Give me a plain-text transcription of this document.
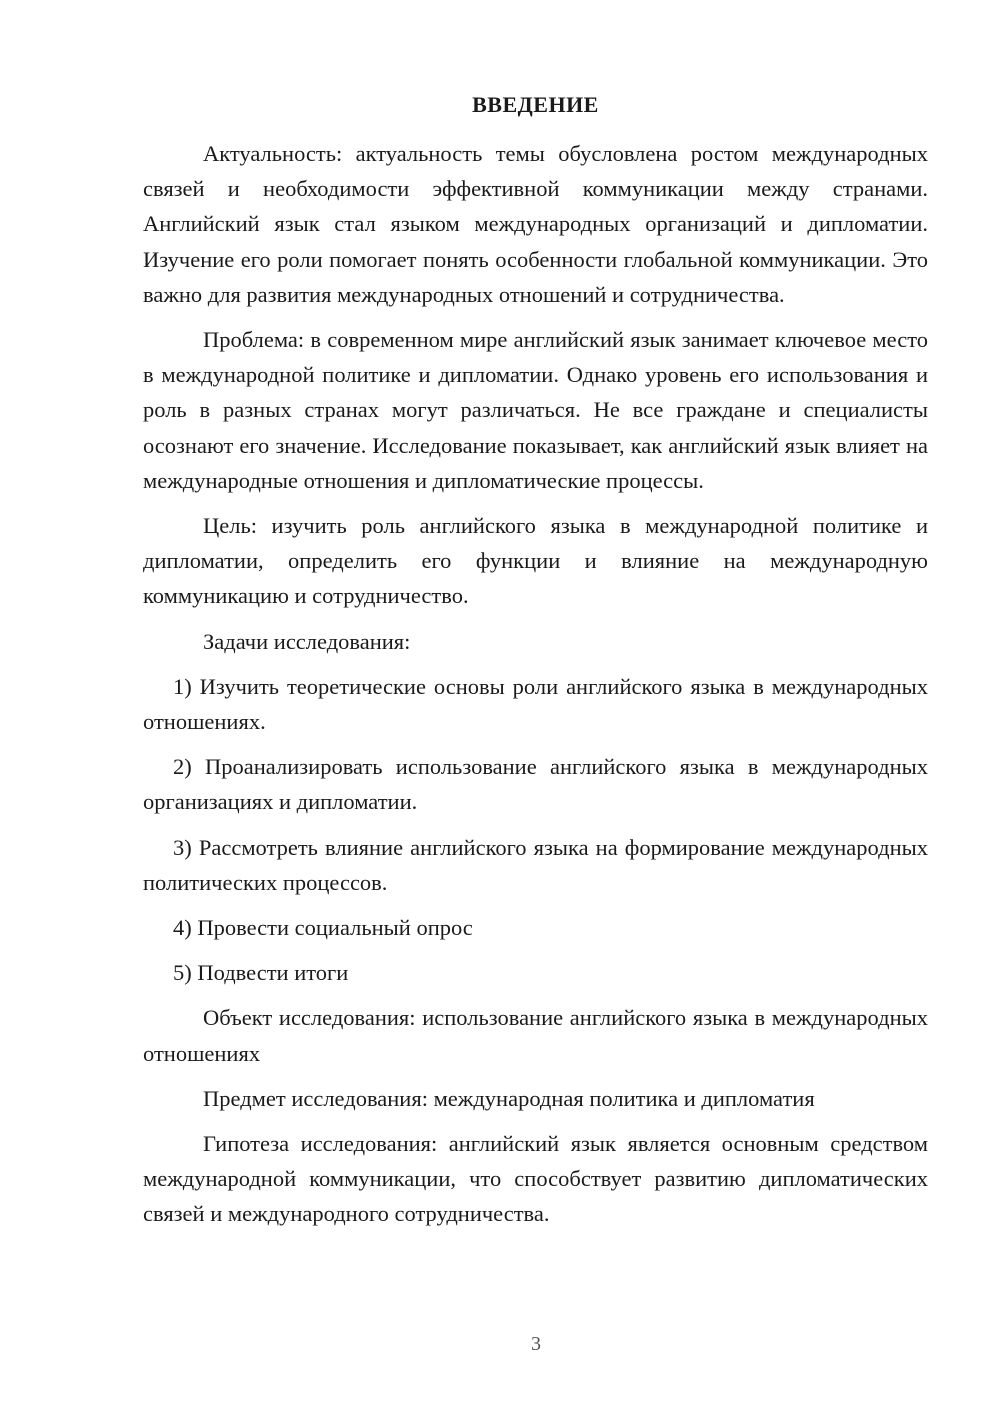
ВВЕДЕНИЕ

Актуальность: актуальность темы обусловлена ростом международных связей и необходимости эффективной коммуникации между странами. Английский язык стал языком международных организаций и дипломатии. Изучение его роли помогает понять особенности глобальной коммуникации. Это важно для развития международных отношений и сотрудничества.

Проблема: в современном мире английский язык занимает ключевое место в международной политике и дипломатии. Однако уровень его использования и роль в разных странах могут различаться. Не все граждане и специалисты осознают его значение. Исследование показывает, как английский язык влияет на международные отношения и дипломатические процессы.

Цель: изучить роль английского языка в международной политике и дипломатии, определить его функции и влияние на международную коммуникацию и сотрудничество.

Задачи исследования:

1) Изучить теоретические основы роли английского языка в международных отношениях.

2) Проанализировать использование английского языка в международных организациях и дипломатии.

3) Рассмотреть влияние английского языка на формирование международных политических процессов.

4) Провести социальный опрос

5) Подвести итоги

Объект исследования: использование английского языка в международных отношениях

Предмет исследования: международная политика и дипломатия

Гипотеза исследования: английский язык является основным средством международной коммуникации, что способствует развитию дипломатических связей и международного сотрудничества.

3
